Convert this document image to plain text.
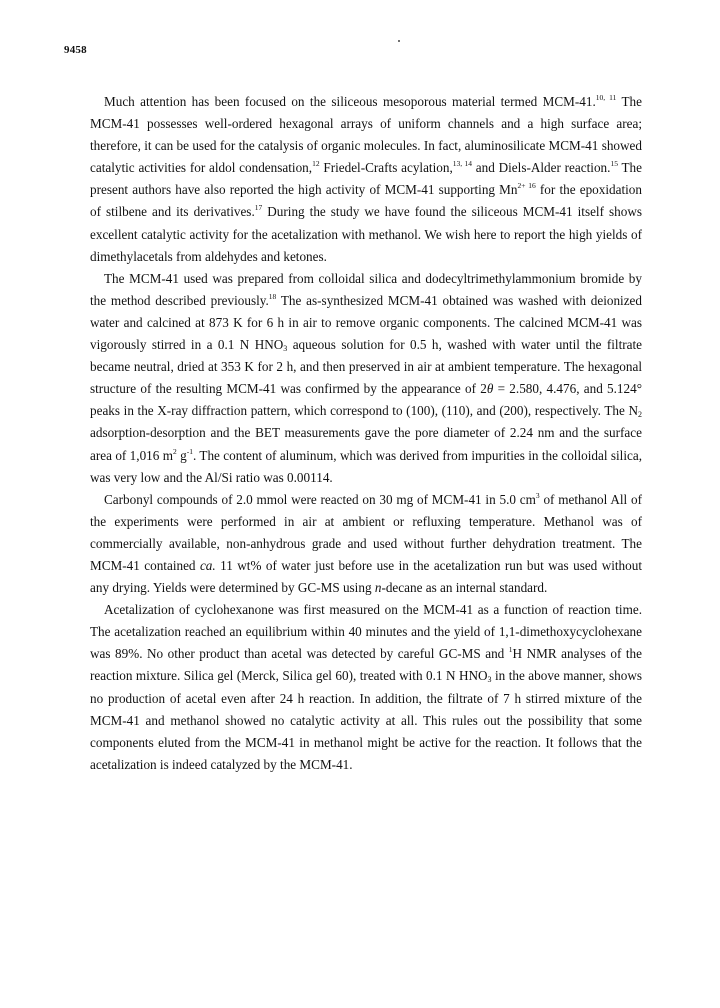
9458

Much attention has been focused on the siliceous mesoporous material termed MCM-41.$^{10, 11}$ The MCM-41 possesses well-ordered hexagonal arrays of uniform channels and a high surface area; therefore, it can be used for the catalysis of organic molecules. In fact, aluminosilicate MCM-41 showed catalytic activities for aldol condensation,$^{12}$ Friedel-Crafts acylation,$^{13, 14}$ and Diels-Alder reaction.$^{15}$ The present authors have also reported the high activity of MCM-41 supporting $Mn^{2+ 16}$ for the epoxidation of stilbene and its derivatives.$^{17}$ During the study we have found the siliceous MCM-41 itself shows excellent catalytic activity for the acetalization with methanol. We wish here to report the high yields of dimethylacetals from aldehydes and ketones.

The MCM-41 used was prepared from colloidal silica and dodecyltrimethylammonium bromide by the method described previously.$^{18}$ The as-synthesized MCM-41 obtained was washed with deionized water and calcined at 873 K for 6 h in air to remove organic components. The calcined MCM-41 was vigorously stirred in a 0.1 N $HNO_3$ aqueous solution for 0.5 h, washed with water until the filtrate became neutral, dried at 353 K for 2 h, and then preserved in air at ambient temperature. The hexagonal structure of the resulting MCM-41 was confirmed by the appearance of 2θ = 2.580, 4.476, and 5.124° peaks in the X-ray diffraction pattern, which correspond to (100), (110), and (200), respectively. The $N_2$ adsorption-desorption and the BET measurements gave the pore diameter of 2.24 nm and the surface area of 1,016 $m^2$ $g^{-1}$. The content of aluminum, which was derived from impurities in the colloidal silica, was very low and the Al/Si ratio was 0.00114.

Carbonyl compounds of 2.0 mmol were reacted on 30 mg of MCM-41 in 5.0 $cm^3$ of methanol All of the experiments were performed in air at ambient or refluxing temperature. Methanol was of commercially available, non-anhydrous grade and used without further dehydration treatment. The MCM-41 contained ca. 11 wt% of water just before use in the acetalization run but was used without any drying. Yields were determined by GC-MS using n-decane as an internal standard.

Acetalization of cyclohexanone was first measured on the MCM-41 as a function of reaction time. The acetalization reached an equilibrium within 40 minutes and the yield of 1,1-dimethoxycyclohexane was 89%. No other product than acetal was detected by careful GC-MS and $^1$H NMR analyses of the reaction mixture. Silica gel (Merck, Silica gel 60), treated with 0.1 N $HNO_3$ in the above manner, shows no production of acetal even after 24 h reaction. In addition, the filtrate of 7 h stirred mixture of the MCM-41 and methanol showed no catalytic activity at all. This rules out the possibility that some components eluted from the MCM-41 in methanol might be active for the reaction. It follows that the acetalization is indeed catalyzed by the MCM-41.
